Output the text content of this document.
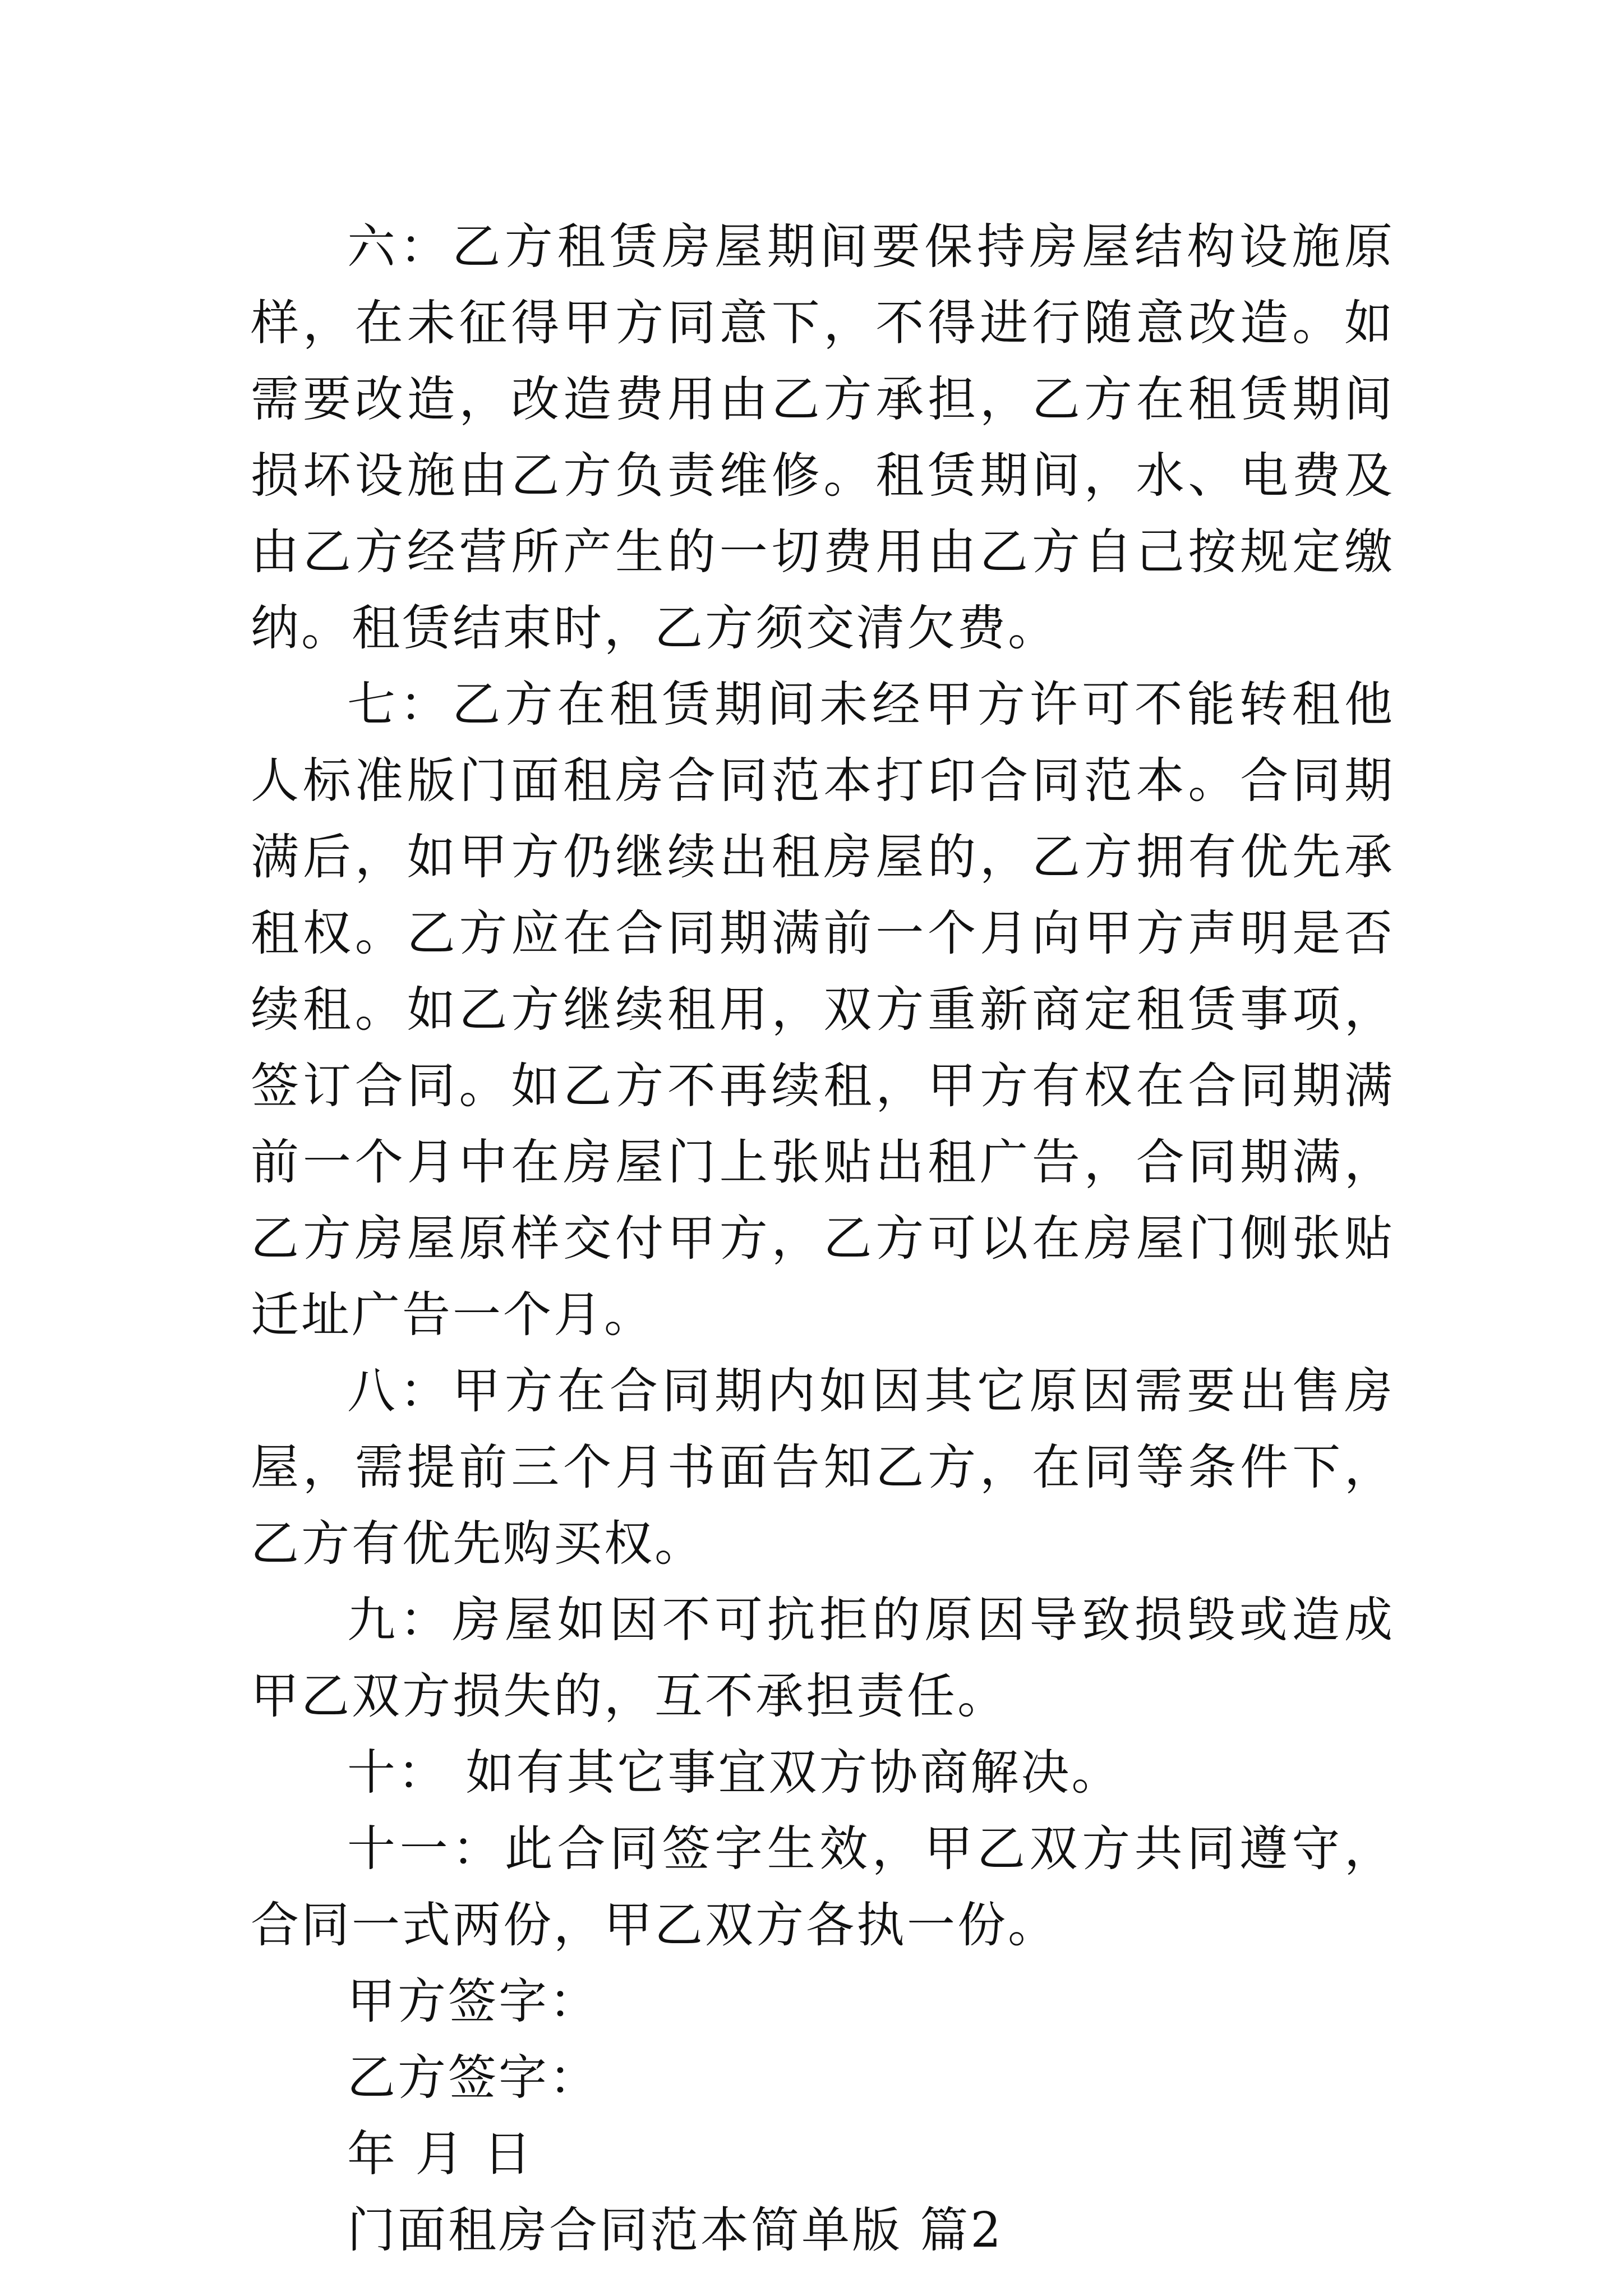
六：乙方租赁房屋期间要保持房屋结构设施原样，在未征得甲方同意下，不得进行随意改造。如需要改造，改造费用由乙方承担，乙方在租赁期间损坏设施由乙方负责维修。租赁期间，水、电费及由乙方经营所产生的一切费用由乙方自己按规定缴纳。租赁结束时，乙方须交清欠费。

七：乙方在租赁期间未经甲方许可不能转租他人标准版门面租房合同范本打印合同范本。合同期满后，如甲方仍继续出租房屋的，乙方拥有优先承租权。乙方应在合同期满前一个月向甲方声明是否续租。如乙方继续租用，双方重新商定租赁事项，签订合同。如乙方不再续租，甲方有权在合同期满前一个月中在房屋门上张贴出租广告，合同期满，乙方房屋原样交付甲方，乙方可以在房屋门侧张贴迁址广告一个月。

八：甲方在合同期内如因其它原因需要出售房屋，需提前三个月书面告知乙方，在同等条件下，乙方有优先购买权。

九：房屋如因不可抗拒的原因导致损毁或造成甲乙双方损失的，互不承担责任。

十： 如有其它事宜双方协商解决。

十一：此合同签字生效，甲乙双方共同遵守，合同一式两份，甲乙双方各执一份。

甲方签字：

乙方签字：

年 月 日

门面租房合同范本简单版 篇2
